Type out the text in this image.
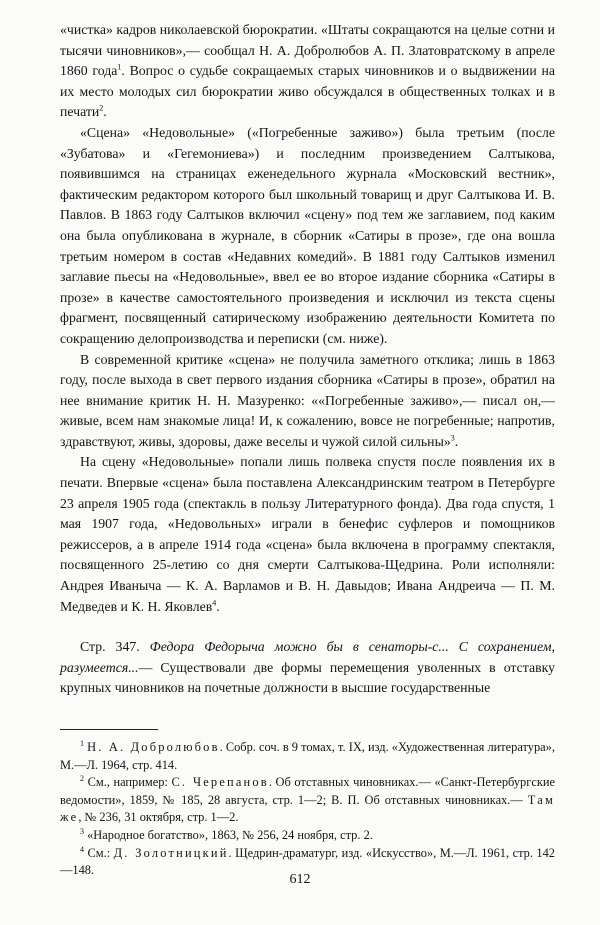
«чистка» кадров николаевской бюрократии. «Штаты сокращаются на целые сотни и тысячи чиновников»,— сообщал Н. А. Добролюбов А. П. Златовратскому в апреле 1860 года$^1$. Вопрос о судьбе сокращаемых старых чиновников и о выдвижении на их место молодых сил бюрократии живо обсуждался в общественных толках и в печати$^2$.

«Сцена» «Недовольные» («Погребенные заживо») была третьим (после «Зубатова» и «Гегемониева») и последним произведением Салтыкова, появившимся на страницах еженедельного журнала «Московский вестник», фактическим редактором которого был школьный товарищ и друг Салтыкова И. В. Павлов. В 1863 году Салтыков включил «сцену» под тем же заглавием, под каким она была опубликована в журнале, в сборник «Сатиры в прозе», где она вошла третьим номером в состав «Недавних комедий». В 1881 году Салтыков изменил заглавие пьесы на «Недовольные», ввел ее во второе издание сборника «Сатиры в прозе» в качестве самостоятельного произведения и исключил из текста сцены фрагмент, посвященный сатирическому изображению деятельности Комитета по сокращению делопроизводства и переписки (см. ниже).

В современной критике «сцена» не получила заметного отклика; лишь в 1863 году, после выхода в свет первого издания сборника «Сатиры в прозе», обратил на нее внимание критик Н. Н. Мазуренко: ««Погребенные заживо»,— писал он,— живые, всем нам знакомые лица! И, к сожалению, вовсе не погребенные; напротив, здравствуют, живы, здоровы, даже веселы и чужой силой сильны»$^3$.

На сцену «Недовольные» попали лишь полвека спустя после появления их в печати. Впервые «сцена» была поставлена Александринским театром в Петербурге 23 апреля 1905 года (спектакль в пользу Литературного фонда). Два года спустя, 1 мая 1907 года, «Недовольных» играли в бенефис суфлеров и помощников режиссеров, а в апреле 1914 года «сцена» была включена в программу спектакля, посвященного 25-летию со дня смерти Салтыкова-Щедрина. Роли исполняли: Андрея Иваныча — К. А. Варламов и В. Н. Давыдов; Ивана Андреича — П. М. Медведев и К. Н. Яковлев$^4$.

Стр. 347. Федора Федорыча можно бы в сенаторы-с... С сохранением, разумеется...— Существовали две формы перемещения уволенных в отставку крупных чиновников на почетные должности в высшие государственные

$^1$ Н. А. Добролюбов. Собр. соч. в 9 томах, т. IX, изд. «Художественная литература», М.—Л. 1964, стр. 414.

$^2$ См., например: С. Черепанов. Об отставных чиновниках.— «Санкт-Петербургские ведомости», 1859, № 185, 28 августа, стр. 1—2; В. П. Об отставных чиновниках.— Там же, № 236, 31 октября, стр. 1—2.

$^3$ «Народное богатство», 1863, № 256, 24 ноября, стр. 2.

$^4$ См.: Д. Золотницкий. Щедрин-драматург, изд. «Искусство», М.—Л. 1961, стр. 142—148.

612
